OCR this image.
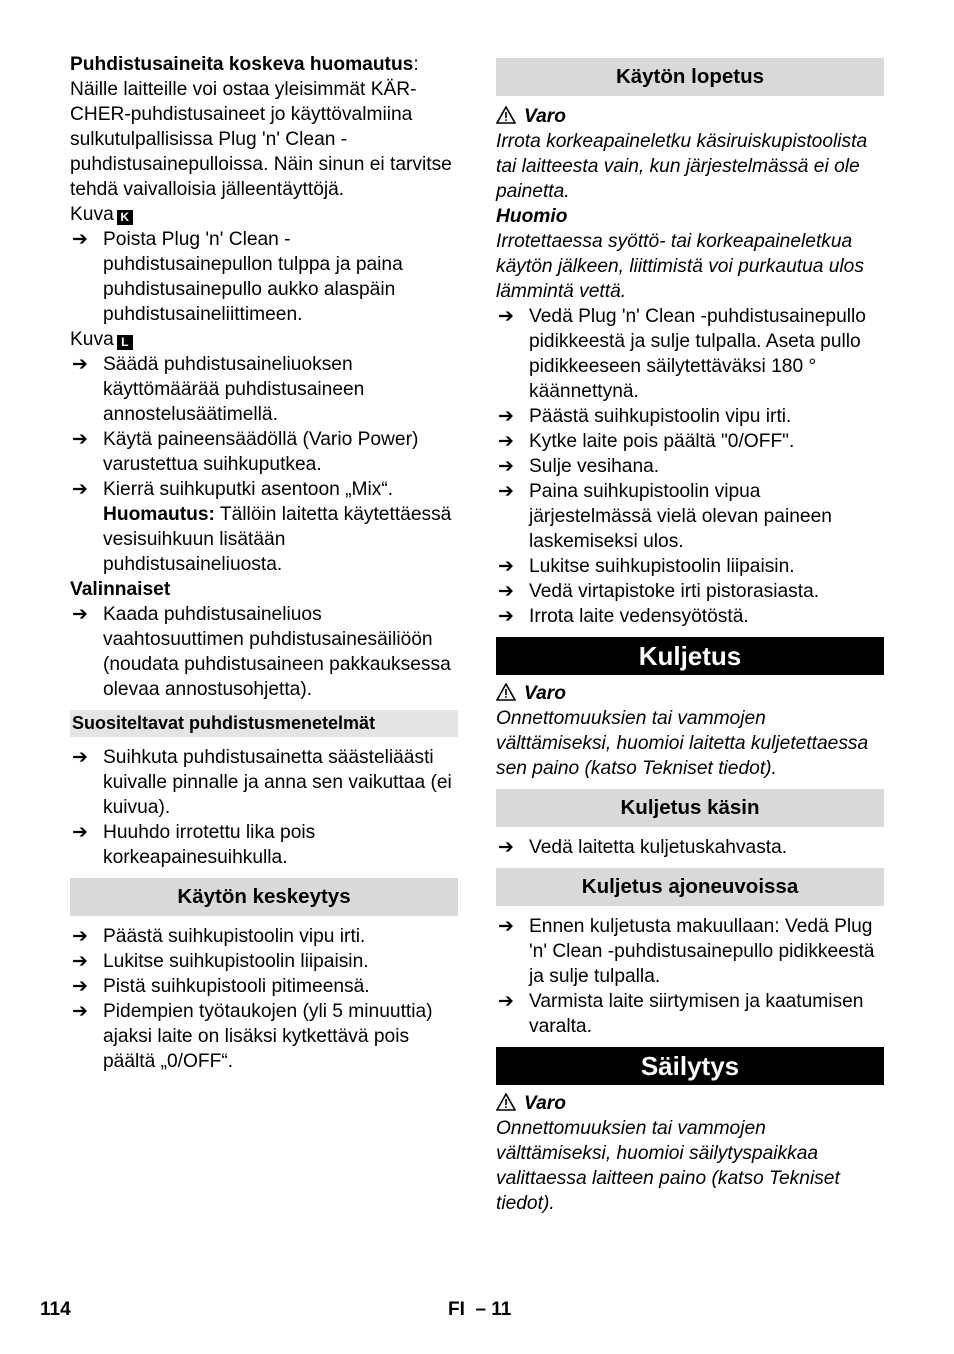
Puhdistusaineita koskeva huomautus:

Näille laitteille voi ostaa yleisimmät KÄR-CHER-puhdistusaineet jo käyttövalmiina sulkutulpallisissa Plug 'n' Clean -puhdistusainepulloissa. Näin sinun ei tarvitse tehdä vaivalloisia jälleentäyttöjä.

Kuva K

➔ Poista Plug 'n' Clean -puhdistusainepullon tulppa ja paina puhdistusainepullo aukko alaspäin puhdistusaineliittimeen.

Kuva L

➔ Säädä puhdistusaineliuoksen käyttömäärää puhdistusaineen annostelusäätimellä.
➔ Käytä paineensäädöllä (Vario Power) varustettua suihkuputkea.
➔ Kierrä suihkuputki asentoon „Mix“.
Huomautus: Tällöin laitetta käytettäessä vesisuihkuun lisätään puhdistusaineliuosta.

Valinnaiset

➔ Kaada puhdistusaineliuos vaahtosuuttimen puhdistusainesäiliöön (noudata puhdistusaineen pakkauksessa olevaa annostusohjetta).
Suositeltavat puhdistusmenetelmät
➔ Suihkuta puhdistusainetta säästeliäästi kuivalle pinnalle ja anna sen vaikuttaa (ei kuivua).
➔ Huuhdo irrotettu lika pois korkeapainesuihkulla.
Käytön keskeytys
➔ Päästä suihkupistoolin vipu irti.
➔ Lukitse suihkupistoolin liipaisin.
➔ Pistä suihkupistooli pitimeensä.
➔ Pidempien työtaukojen (yli 5 minuuttia) ajaksi laite on lisäksi kytkettävä pois päältä „0/OFF“.
Käytön lopetus

Varo

Irrota korkeapaineletku käsiruiskupistoolista tai laitteesta vain, kun järjestelmässä ei ole painetta.

Huomio

Irrotettaessa syöttö- tai korkeapaineletkua käytön jälkeen, liittimistä voi purkautua ulos lämmintä vettä.

➔ Vedä Plug 'n' Clean -puhdistusainepullo pidikkeestä ja sulje tulpalla. Aseta pullo pidikkeeseen säilytettäväksi 180 ° käännettynä.
➔ Päästä suihkupistoolin vipu irti.
➔ Kytke laite pois päältä "0/OFF".
➔ Sulje vesihana.
➔ Paina suihkupistoolin vipua järjestelmässä vielä olevan paineen laskemiseksi ulos.
➔ Lukitse suihkupistoolin liipaisin.
➔ Vedä virtapistoke irti pistorasiasta.
➔ Irrota laite vedensyötöstä.
Kuljetus

Varo

Onnettomuuksien tai vammojen välttämiseksi, huomioi laitetta kuljetettaessa sen paino (katso Tekniset tiedot).

Kuljetus käsin
➔ Vedä laitetta kuljetuskahvasta.
Kuljetus ajoneuvoissa
➔ Ennen kuljetusta makuullaan: Vedä Plug 'n' Clean -puhdistusainepullo pidikkeestä ja sulje tulpalla.
➔ Varmista laite siirtymisen ja kaatumisen varalta.
Säilytys

Varo

Onnettomuuksien tai vammojen välttämiseksi, huomioi säilytyspaikkaa valittaessa laitteen paino (katso Tekniset tiedot).

114	FI  – 11
